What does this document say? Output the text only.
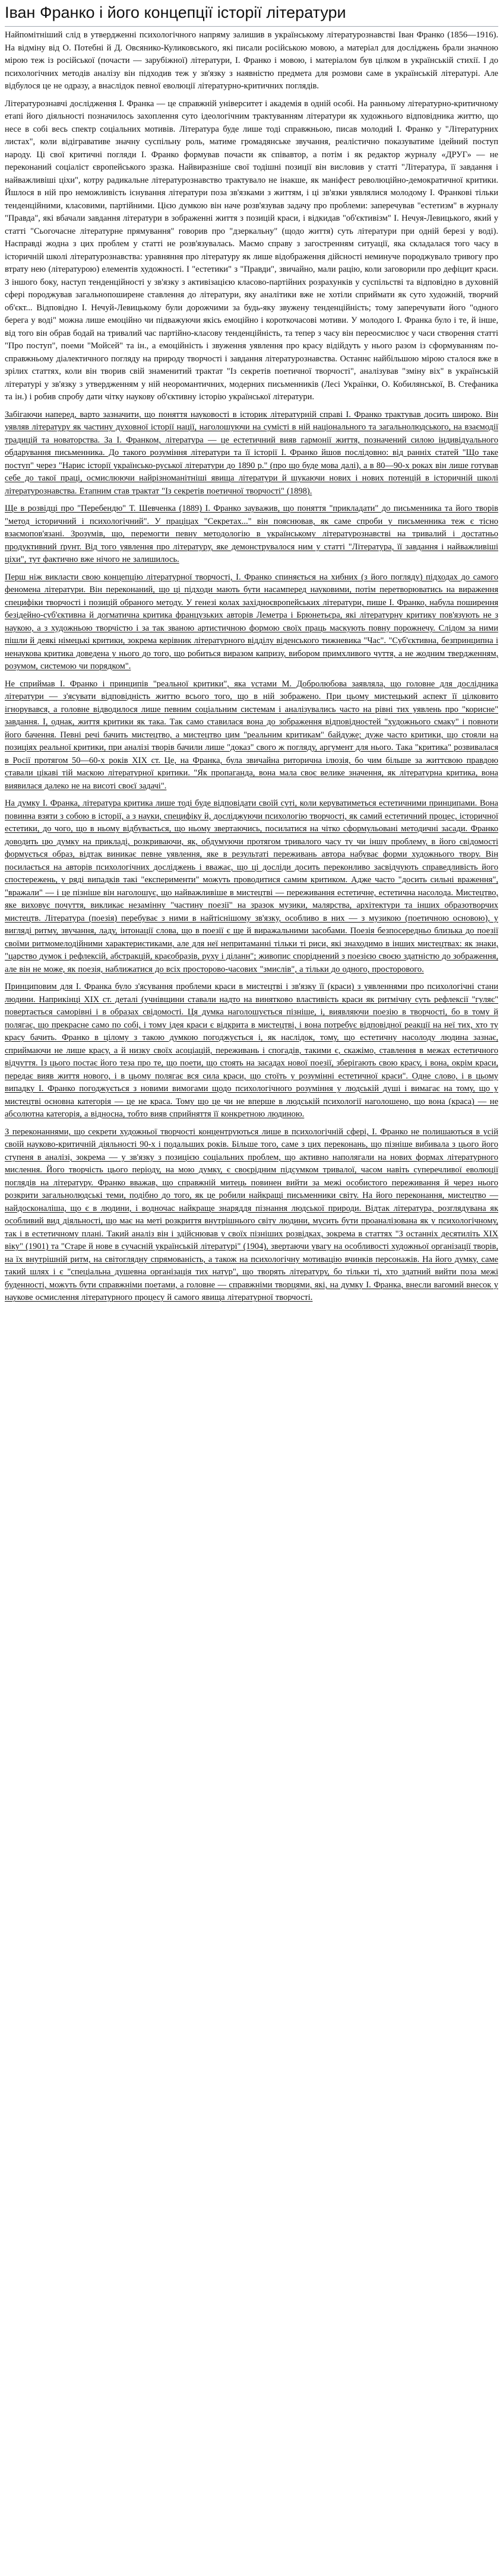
Іван Франко і його концепції історії літератури

Найпомітніший слід в утвердженні психологічного напряму залишив в українському літературознавстві Іван Франко (1856—1916). На відміну від О. Потебні й Д. Овсянико-Куликовського, які писали російською мовою, а матеріал для досліджень брали значною мірою теж із російської (почасти — зарубіжної) літератури, І. Франко і мовою, і матеріалом був цілком в українській стихії. І до психологічних методів аналізу він підходив теж у зв'язку з наявністю предмета для розмови саме в українській літературі. Але відбулося це не одразу, а внаслідок певної еволюції літературно-критичних поглядів.

Літературознавчі дослідження І. Франка — це справжній університет і академія в одній особі. На ранньому літературно-критичному етапі його діяльності позначилось захоплення суто ідеологічним трактуванням літератури як художнього відповідника життю, що несе в собі весь спектр соціальних мотивів. Література буде лише тоді справжньою, писав молодий І. Франко у "Літературних листах", коли відігравативе значну суспільну роль, матиме громадянське звучання, реалістично показуватиме ідейний поступ народу. Ці свої критичні погляди І. Франко формував почасти як співавтор, а потім і як редактор журналу «ДРУГ» — не переконаний соціаліст європейського зразка. Найвиразніше свої тодішні позиції він висловив у статті "Література, її завдання і найважливіші ціхи", котру радикальне літературознавство трактувало не інакше, як маніфест революційно-демократичної критики. Йшлося в ній про неможливість існування літератури поза зв'язками з життям, і ці зв'язки уявлялися молодому І. Франкові тільки тенденційними, класовими, партійними. Цією думкою він наче розв'язував задачу про проблеми: заперечував "естетизм" в журналу "Правда", які вбачали завдання літератури в зображенні життя з позицій краси, і відкидав "об'єктивізм" І. Нечуя-Левицького, який у статті "Сьогочасне літературне прямування" говорив про "дзеркальну" (щодо життя) суть літератури при одній березі у воді). Насправді жодна з цих проблем у статті не розв'язувалась. Маємо справу з загостренням ситуації, яка складалася того часу в історичній школі літературознавства: уравняння про літературу як лише відображення дійсності неминуче породжувало тривогу про втрату нею (літературою) елементів художності. І "естетики" з "Правди", звичайно, мали рацію, коли заговорили про дефіцит краси. З іншого боку, наступ тенденційності у зв'язку з активізацією класово-партійних розрахунків у суспільстві та відповідно в духовній сфері породжував загальнопоширене ставлення до літератури, яку аналітики вже не хотіли сприймати як суто художній, творчий об'єкт... Відповідно І. Нечуй-Левицькому були дорожчими за будь-яку звужену тенденційність; тому заперечувати його "одного берега у воді" можна лише емоційно чи підважуючи якісь емоційно і короткочасові мотиви. У молодого І. Франка було і те, й інше, від того він обрав бодай на тривалий час партійно-класову тенденційність, та тепер з часу він переосмислює у часи створення статті "Про поступ", поеми "Мойсей" та ін., а емоційність і звуження уявлення про красу відійдуть у нього разом із сформуванням по-справжньому діалектичного погляду на природу творчості і завдання літературознавства. Останнє найбільшою мірою сталося вже в зрілих статтях, коли він творив свій знаменитий трактат "Із секретів поетичної творчості", аналізував "зміну віх" в українській літературі у зв'язку з утвердженням у ній неоромантичних, модерних письменників (Лесі Українки, О. Кобилянської, В. Стефаника та ін.) і робив спробу дати чітку наукову об'єктивну історію української літератури.

Забігаючи наперед, варто зазначити, що поняття науковості в історик літературній справі І. Франко трактував досить широко. Він уявляв літературу як частину духовної історії нації, наголошуючи на сумісті в ній національного та загальнолюдського, на взаємодії традицій та новаторства. За І. Франком, література — це естетичний вияв гармонії життя, позначений силою індивідуального обдарування письменника. До такого розуміння літератури та її історії І. Франко йшов послідовно: від ранніх статей "Що таке поступ" через "Нарис історії українсько-руської літератури до 1890 р." (про що буде мова далі), а в 80—90-х роках він лише готував себе до такої праці, осмислюючи найрізноманітніші явища літератури й шукаючи нових і нових потенцій в історичній школі літературознавства. Етапним став трактат "Із секретів поетичної творчості" (1898).

Ще в розвідці про "Перебендю" Т. Шевченка (1889) І. Франко зауважив, що поняття "прикладати" до письменника та його творів "метод історичний і психологічний". У праціцах "Секретах..." він пояснював, як саме спроби у письменника теж є тісно взаємопов'язані. Зрозумів, що, перемогти певну методологію в українському літературознавстві на тривалий і достатньо продуктивний ґрунт. Від того уявлення про літературу, яке демонструвалося ним у статті "Література, її завдання і найважливіші ціхи", тут фактично вже нічого не залишилось.

Перш ніж викласти свою концепцію літературної творчості, І. Франко спиняється на хибних (з його погляду) підходах до самого феномена літератури. Він переконаний, що ці підходи мають бути насамперед науковими, потім перетворюватись на вираження специфіки творчості і позицій обраного методу. У генезі колах західноєвропейських літератури, пише І. Франко, набула поширення безідейно-суб'єктивна й догматична критика французьких авторів Леметра і Брюнетьєра, які літературну критику пов'язують не з наукою, а з художньою творчістю і за так званою артистичною формою своїх праць маскують повну порожнечу. Слідом за ними пішли й деякі німецькі критики, зокрема керівник літературного відділу віденського тижневика "Час". "Суб'єктивна, безпринципна і ненаукова критика доведена у нього до того, що робиться виразом капризу, вибором примхливого чуття, а не жодним твердженням, розумом, системою чи порядком".

Не сприймав І. Франко і принципів "реальної критики", яка устами М. Добролюбова заявляла, що головне для дослідника літератури — з'ясувати відповідність життю всього того, що в ній зображено. При цьому мистецький аспект її цілковито ігнорувався, а головне відводилося лише певним соціальним системам і аналізувались часто на рівні тих уявлень про "корисне" завдання. І, однак, життя критики як така. Так само ставилася вона до зображення відповідностей "художнього смаку" і повноти його бачення. Певні речі бачить мистецтво, а мистецтво цим "реальним критикам" байдуже; дуже часто критики, що стояли на позиціях реальної критики, при аналізі творів бачили лише "доказ" свого ж погляду, аргумент для нього. Така "критика" розвивалася в Росії протягом 50—60-х років XIX ст. Це, на Франка, була звичайна риторична ілюзія, бо чим більше за життєвою правдою ставали цікаві тій маскою літературної критики. "Як пропаганда, вона мала своє велике значення, як літературна критика, вона виявилася далеко не на висоті своєї задачі".

На думку І. Франка, література критика лише тоді буде відповідати своїй суті, коли керуватиметься естетичними принципами. Вона повинна взяти з собою в історії, а з науки, специфіку й, досліджуючи психологію творчості, як самий естетичний процес, історичної естетики, до чого, що в ньому відбувається, що ньому звертаючись, посилатися на чітко сформульовані методичні засади. Франко доводить цю думку на прикладі, розкриваючи, як, обдумуючи протягом тривалого часу ту чи іншу проблему, в його свідомості формується образ, відтак виникає певне уявлення, яке в результаті переживань автора набуває форми художнього твору. Він посилається на авторів психологічних досліджень і вважає, що ці досліди досить переконливо засвідчують справедливість його спостережень, у ряді випадків такі "експерименти" можуть проводитися самим критиком. Адже часто "досить сильні враження", "вражали" — і це пізніше він наголошує, що найважливіше в мистецтві — переживання естетичне, естетична насолода. Мистецтво, яке виховує почуття, викликає незамінну "частину поезії" на зразок музики, малярства, архітектури та інших образотворчих мистецтв. Література (поезія) перебуває з ними в найтіснішому зв'язку, особливо в них — з музикою (поетичною основою), у вигляді ритму, звучання, ладу, інтонації слова, що в поезії є ще й виражальними засобами. Поезія безпосередньо близька до поезії своїми ритмомелодійними характеристиками, але для неї непритаманні тільки ті риси, які знаходимо в інших мистецтвах: як знаки, "царство думок і рефлексій, абстракцій, краєобразів, руху і діланн"; живопис споріднений з поезією своєю здатністю до зображення, але він не може, як поезія, наближатися до всіх просторово-часових "змислів", а тільки до одного, просторового.

Принциповим для І. Франка було з'ясування проблеми краси в мистецтві і зв'язку її (краси) з уявленнями про психологічні стани людини. Наприкінці XIX ст. деталі (учнівщини ставали надто на винятково властивість краси як ритмічну суть рефлексії "гуляє" повертається саморівні і в образах свідомості. Ця думка наголошується пізніше, і, виявляючи поезію в творчості, бо в тому й полягає, що прекрасне само по собі, і тому ідея краси є відкрита в мистецтві, і вона потребує відповідної реакції на неї тих, хто ту красу бачить. Франко в цілому з такою думкою погоджується і, як наслідок, тому, що естетичну насолоду людина зазнає, сприймаючи не лише красу, а й низку своїх асоціацій, переживань і спогадів, такими є, скажімо, ставлення в межах естетичного відчуття. Із цього постає його теза про те, що поети, що стоять на засадах нової поезії, зберігають свою красу, і вона, окрім краси, передає вияв життя нового, і в цьому полягає вся сила краси, що стоїть у розумінні естетичної краси". Одне слово, і в цьому випадку І. Франко погоджується з новими вимогами щодо психологічного розуміння у людській душі і вимагає на тому, що у мистецтві основна категорія — це не краса. Тому що це чи не вперше в людській психології наголошено, що вона (краса) — не абсолютна категорія, а відносна, тобто вияв сприйняття її конкретною людиною.

З переконаннями, що секрети художньої творчості концентруються лише в психологічній сфері, І. Франко не полишаються в усій своїй науково-критичній діяльності 90-х і подальших років. Більше того, саме з цих переконань, що пізніше вибивала з цього його ступеня в аналізі, зокрема — у зв'язку з позицією соціальних проблем, що активно наполягали на нових формах літературного мислення. Його творчість цього періоду, на мою думку, є своєрідним підсумком тривалої, часом навіть суперечливої еволюції поглядів на літературу. Франко вважав, що справжній митець повинен вийти за межі особистого переживання й через нього розкрити загальнолюдські теми, подібно до того, як це робили найкращі письменники світу. На його переконання, мистецтво — найдосконаліша, що є в людини, і водночас найкраще знаряддя пізнання людської природи. Відтак література, розглядувана як особливий вид діяльності, що має на меті розкриття внутрішнього світу людини, мусить бути проаналізована як у психологічному, так і в естетичному плані. Такий аналіз він і здійснював у своїх пізніших розвідках, зокрема в статтях "З останніх десятиліть XIX віку" (1901) та "Старе й нове в сучасній українській літературі" (1904), звертаючи увагу на особливості художньої організації творів, на їх внутрішній ритм, на світоглядну спрямованість, а також на психологічну мотивацію вчинків персонажів. На його думку, саме такий шлях і є "спеціальна душевна організація тих натур", що творять літературу, бо тільки ті, хто здатний вийти поза межі буденності, можуть бути справжніми поетами, а головне — справжніми творцями, які, на думку І. Франка, внесли вагомий внесок у наукове осмислення літературного процесу й самого явища літературної творчості.
